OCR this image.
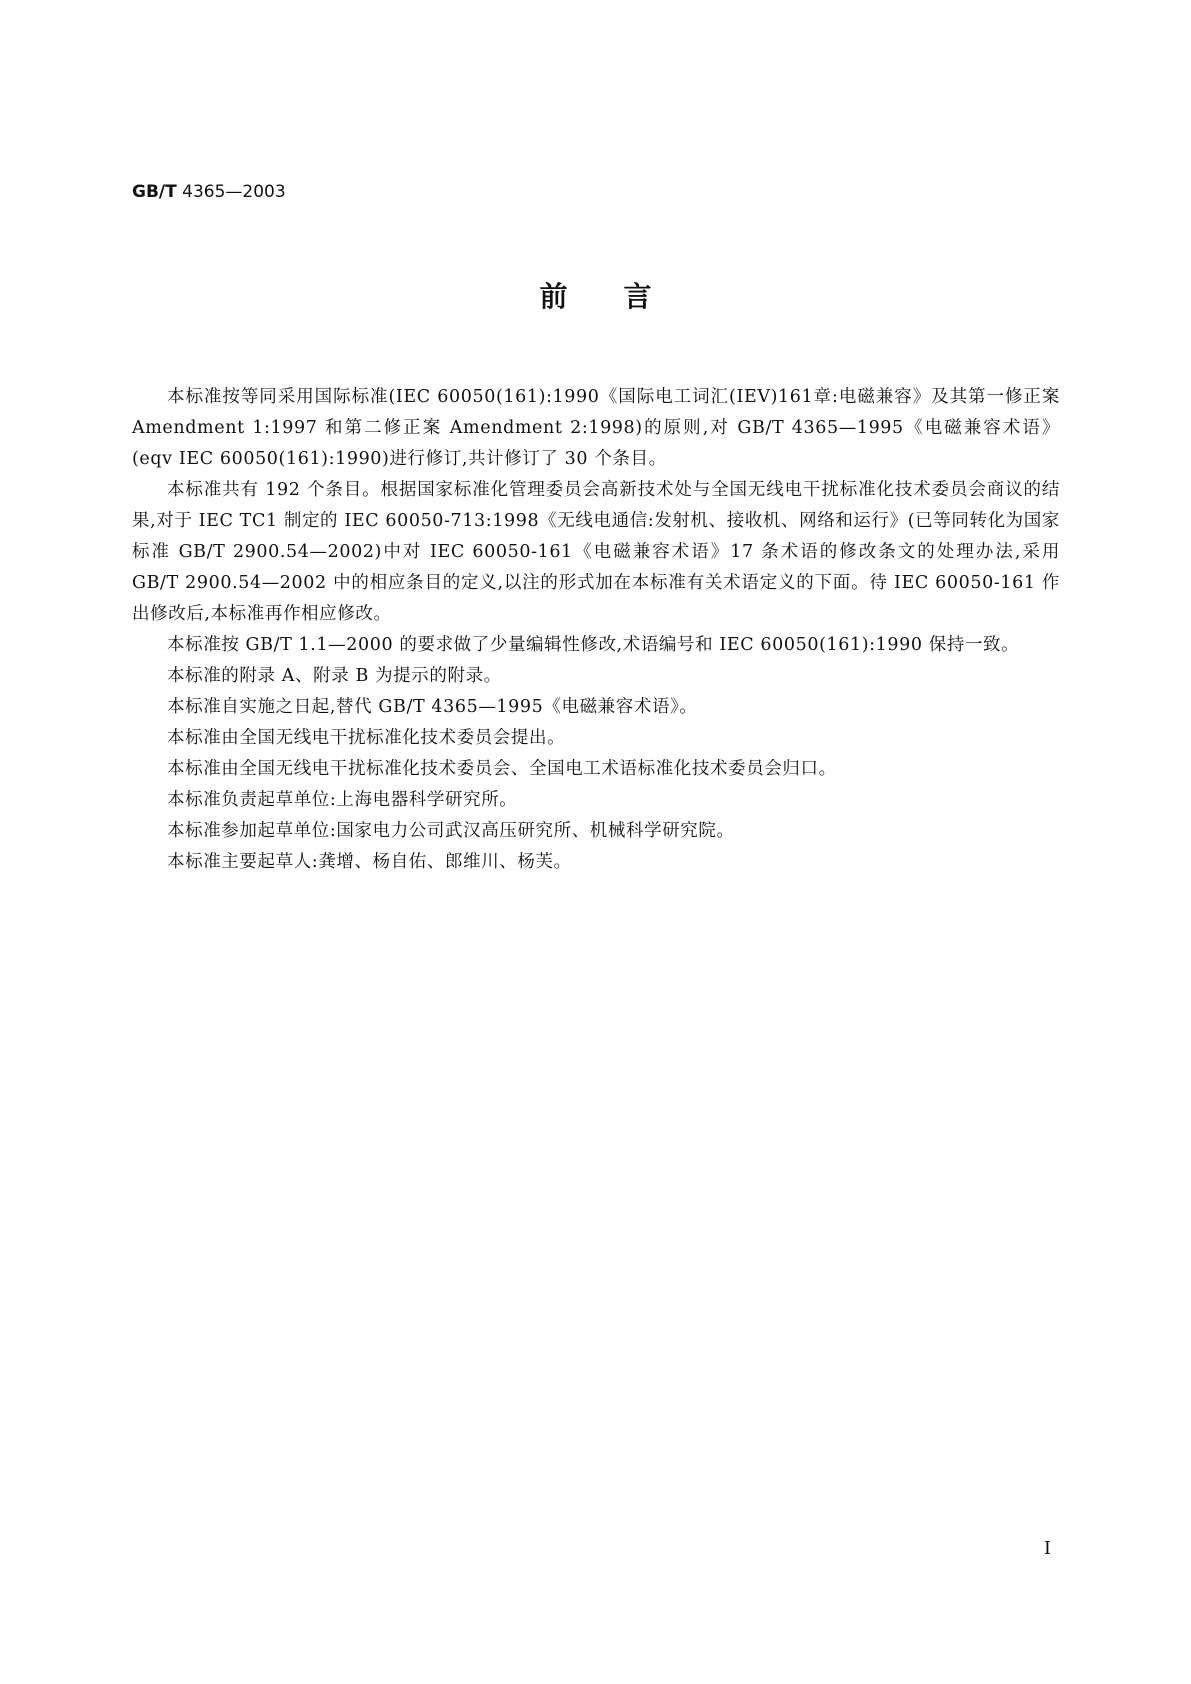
GB/T 4365—2003
前言

本标准按等同采用国际标准(IEC 60050(161):1990《国际电工词汇(IEV)161章:电磁兼容》及其第一修正案 Amendment 1:1997 和第二修正案 Amendment 2:1998)的原则,对 GB/T 4365—1995《电磁兼容术语》(eqv IEC 60050(161):1990)进行修订,共计修订了 30 个条目。

本标准共有 192 个条目。根据国家标准化管理委员会高新技术处与全国无线电干扰标准化技术委员会商议的结果,对于 IEC TC1 制定的 IEC 60050-713:1998《无线电通信:发射机、接收机、网络和运行》(已等同转化为国家标准 GB/T 2900.54—2002)中对 IEC 60050-161《电磁兼容术语》17 条术语的修改条文的处理办法,采用 GB/T 2900.54—2002 中的相应条目的定义,以注的形式加在本标准有关术语定义的下面。待 IEC 60050-161 作出修改后,本标准再作相应修改。

本标准按 GB/T 1.1—2000 的要求做了少量编辑性修改,术语编号和 IEC 60050(161):1990 保持一致。

本标准的附录 A、附录 B 为提示的附录。

本标准自实施之日起,替代 GB/T 4365—1995《电磁兼容术语》。

本标准由全国无线电干扰标准化技术委员会提出。

本标准由全国无线电干扰标准化技术委员会、全国电工术语标准化技术委员会归口。

本标准负责起草单位:上海电器科学研究所。

本标准参加起草单位:国家电力公司武汉高压研究所、机械科学研究院。

本标准主要起草人:龚增、杨自佑、郎维川、杨芙。

I
